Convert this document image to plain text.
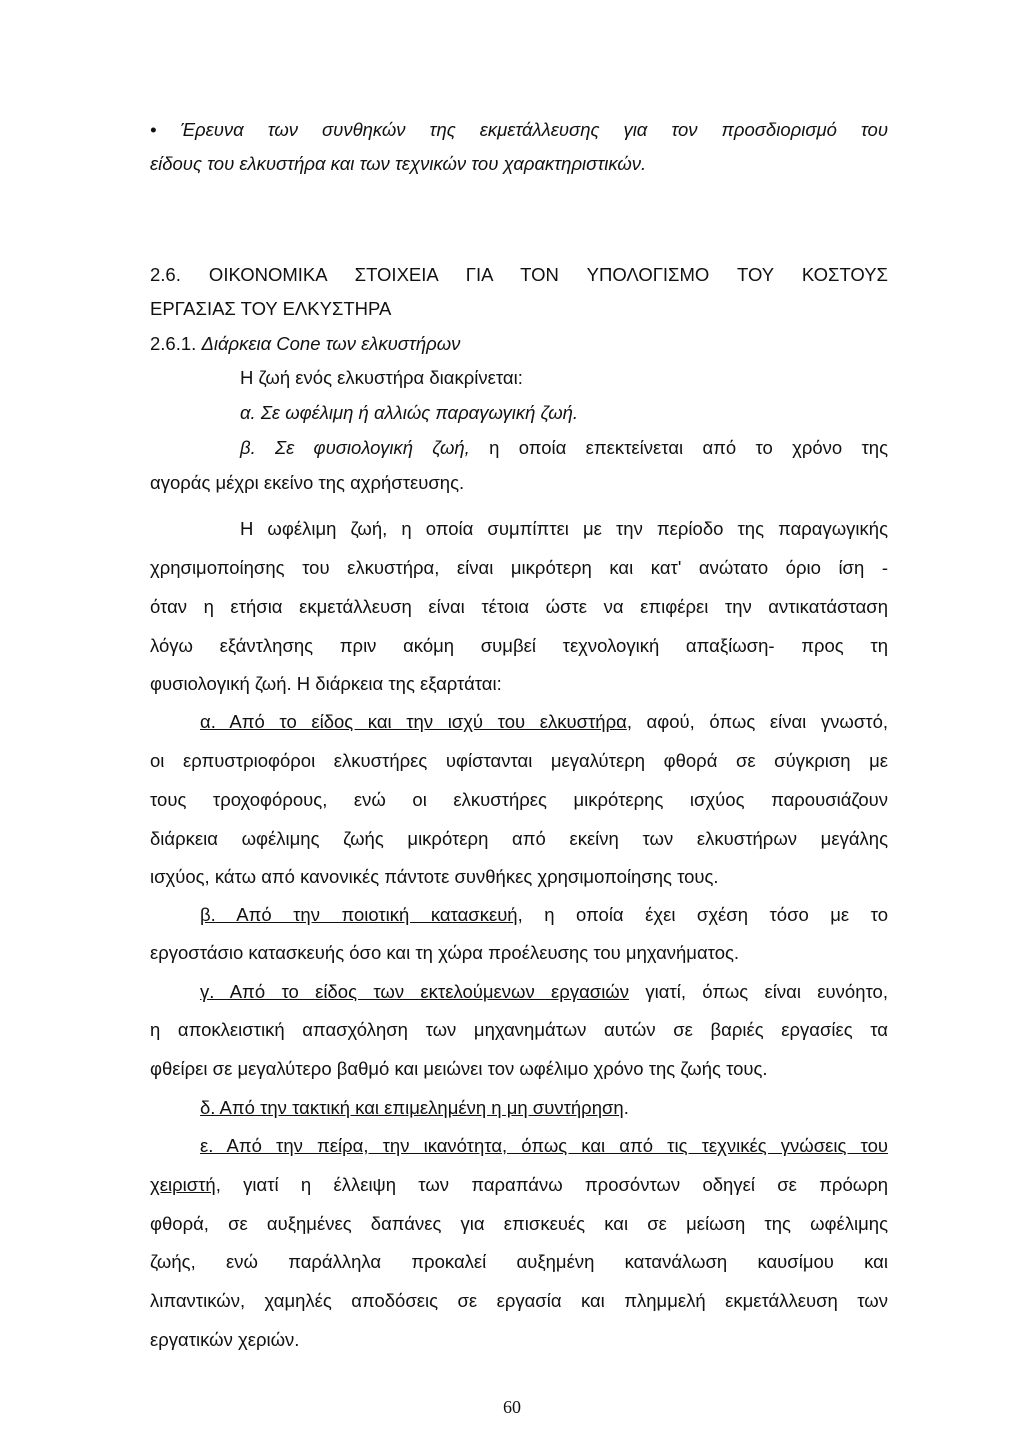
• Έρευνα των συνθηκών της εκμετάλλευσης για τον προσδιορισμό του
είδους του ελκυστήρα και των τεχνικών του χαρακτηριστικών.
2.6. ΟΙΚΟΝΟΜΙΚΑ ΣΤΟΙΧΕΙΑ ΓΙΑ ΤΟΝ ΥΠΟΛΟΓΙΣΜΟ ΤΟΥ ΚΟΣΤΟΥΣ
ΕΡΓΑΣΙΑΣ ΤΟΥ ΕΛΚΥΣΤΗΡΑ
2.6.1. Διάρκεια Cone των ελκυστήρων
Η ζωή ενός ελκυστήρα διακρίνεται:
α. Σε ωφέλιμη ή αλλιώς παραγωγική ζωή.
β. Σε φυσιολογική ζωή, η οποία επεκτείνεται από το χρόνο της
αγοράς μέχρι εκείνο της αχρήστευσης.
Η ωφέλιμη ζωή, η οποία συμπίπτει με την περίοδο της παραγωγικής
χρησιμοποίησης του ελκυστήρα, είναι μικρότερη και κατ' ανώτατο όριο ίση -
όταν η ετήσια εκμετάλλευση είναι τέτοια ώστε να επιφέρει την αντικατάσταση
λόγω εξάντλησης πριν ακόμη συμβεί τεχνολογική απαξίωση- προς τη
φυσιολογική ζωή. Η διάρκεια της εξαρτάται:
α. Από το είδος και την ισχύ του ελκυστήρα, αφού, όπως είναι γνωστό,
οι ερπυστριοφόροι ελκυστήρες υφίστανται μεγαλύτερη φθορά σε σύγκριση με
τους τροχοφόρους, ενώ οι ελκυστήρες μικρότερης ισχύος παρουσιάζουν
διάρκεια ωφέλιμης ζωής μικρότερη από εκείνη των ελκυστήρων μεγάλης
ισχύος, κάτω από κανονικές πάντοτε συνθήκες χρησιμοποίησης τους.
β. Από την ποιοτική κατασκευή, η οποία έχει σχέση τόσο με το
εργοστάσιο κατασκευής όσο και τη χώρα προέλευσης του μηχανήματος.
γ. Από το είδος των εκτελούμενων εργασιών γιατί, όπως είναι ευνόητο,
η αποκλειστική απασχόληση των μηχανημάτων αυτών σε βαριές εργασίες τα
φθείρει σε μεγαλύτερο βαθμό και μειώνει τον ωφέλιμο χρόνο της ζωής τους.
δ. Από την τακτική και επιμελημένη η μη συντήρηση.
ε. Από την πείρα, την ικανότητα, όπως και από τις τεχνικές γνώσεις του
χειριστή, γιατί η έλλειψη των παραπάνω προσόντων οδηγεί σε πρόωρη
φθορά, σε αυξημένες δαπάνες για επισκευές και σε μείωση της ωφέλιμης
ζωής, ενώ παράλληλα προκαλεί αυξημένη κατανάλωση καυσίμου και
λιπαντικών, χαμηλές αποδόσεις σε εργασία και πλημμελή εκμετάλλευση των
εργατικών χεριών.
60
